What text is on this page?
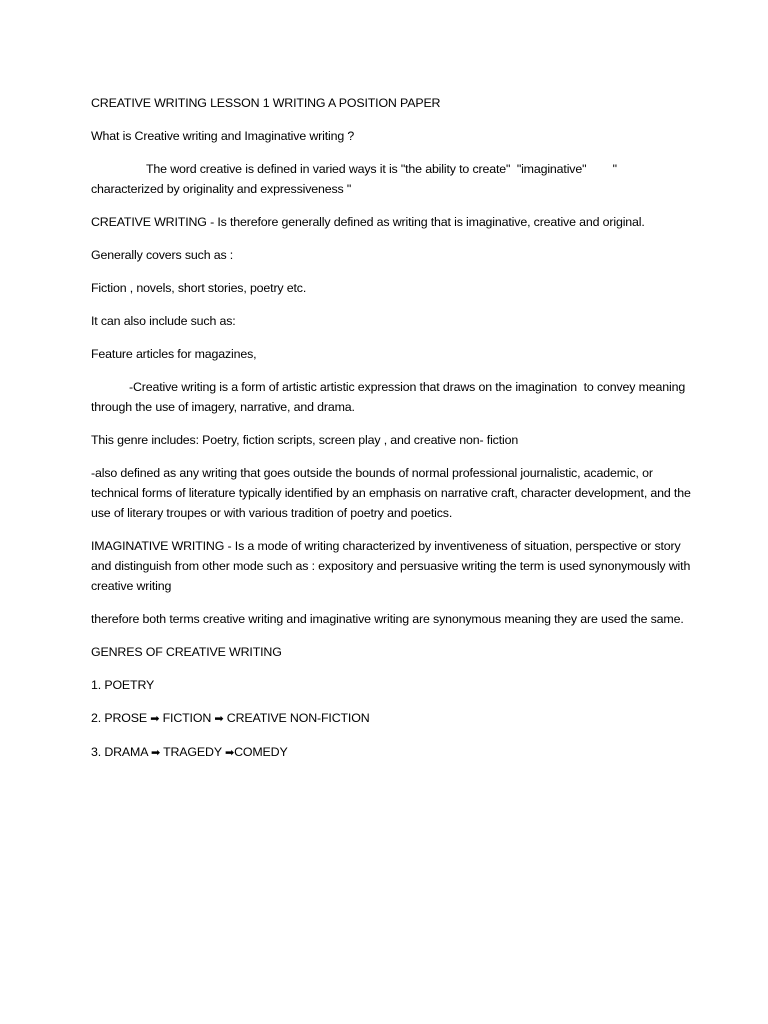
CREATIVE WRITING LESSON 1 WRITING A POSITION PAPER

What is Creative writing and Imaginative writing ?

The word creative is defined in varied ways it is "the ability to create"  "imaginative"        " characterized by originality and expressiveness "

CREATIVE WRITING - Is therefore generally defined as writing that is imaginative, creative and original.

Generally covers such as :

Fiction , novels, short stories, poetry etc.

It can also include such as:

Feature articles for magazines,

-Creative writing is a form of artistic artistic expression that draws on the imagination  to convey meaning through the use of imagery, narrative, and drama.

This genre includes: Poetry, fiction scripts, screen play , and creative non- fiction

-also defined as any writing that goes outside the bounds of normal professional journalistic, academic, or technical forms of literature typically identified by an emphasis on narrative craft, character development, and the use of literary troupes or with various tradition of poetry and poetics.

IMAGINATIVE WRITING - Is a mode of writing characterized by inventiveness of situation, perspective or story and distinguish from other mode such as : expository and persuasive writing the term is used synonymously with creative writing

therefore both terms creative writing and imaginative writing are synonymous meaning they are used the same.

GENRES OF CREATIVE WRITING

1. POETRY

2. PROSE ➡ FICTION ➡ CREATIVE NON-FICTION

3. DRAMA ➡ TRAGEDY ➡COMEDY
